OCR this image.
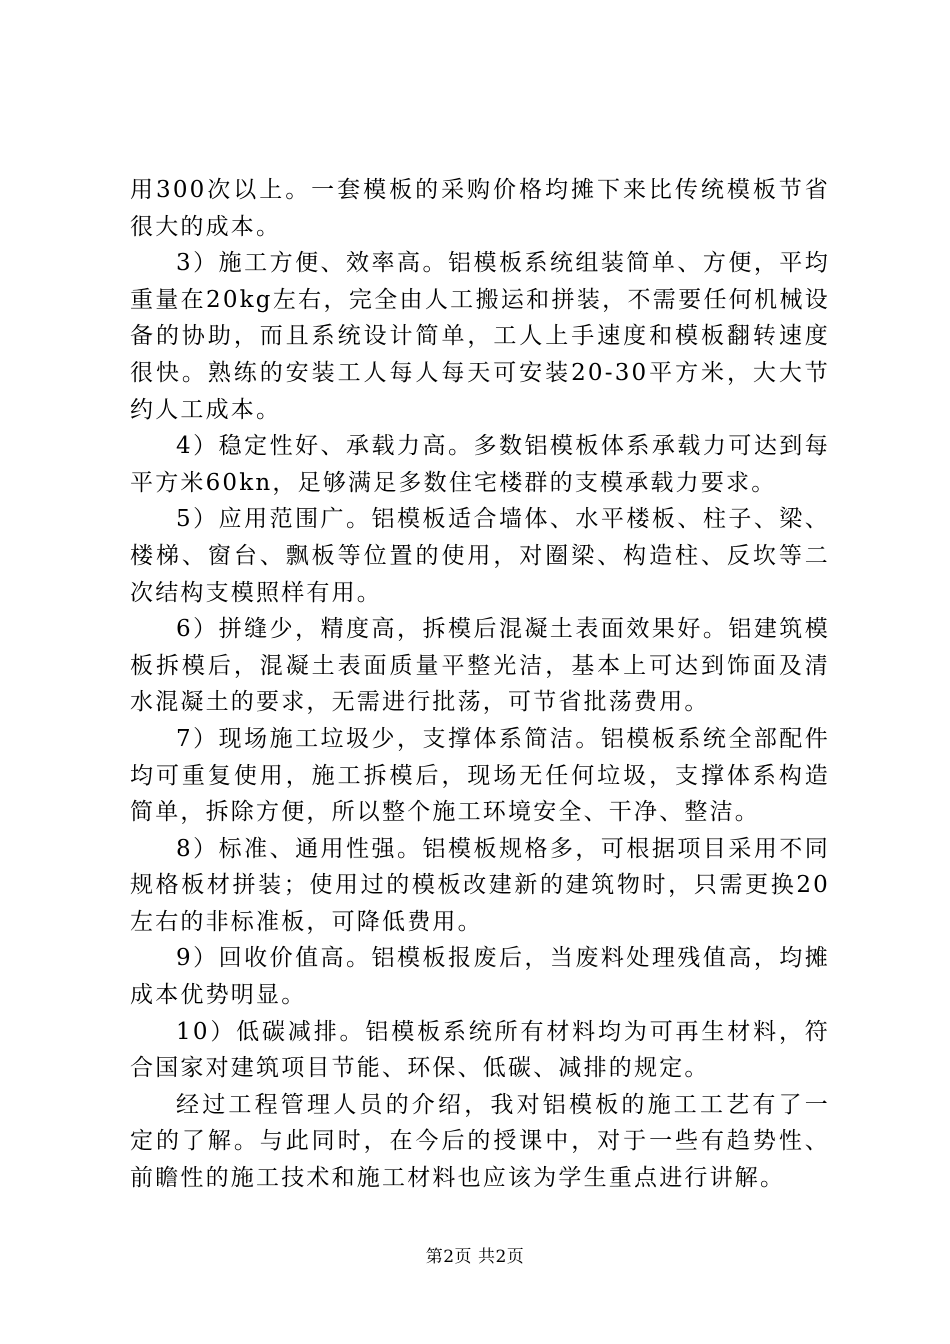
用300次以上。一套模板的采购价格均摊下来比传统模板节省很大的成本。

3）施工方便、效率高。铝模板系统组装简单、方便，平均重量在20kg左右，完全由人工搬运和拼装，不需要任何机械设备的协助，而且系统设计简单，工人上手速度和模板翻转速度很快。熟练的安装工人每人每天可安装20-30平方米，大大节约人工成本。

4）稳定性好、承载力高。多数铝模板体系承载力可达到每平方米60kn，足够满足多数住宅楼群的支模承载力要求。

5）应用范围广。铝模板适合墙体、水平楼板、柱子、梁、楼梯、窗台、飘板等位置的使用，对圈梁、构造柱、反坎等二次结构支模照样有用。

6）拼缝少，精度高，拆模后混凝土表面效果好。铝建筑模板拆模后，混凝土表面质量平整光洁，基本上可达到饰面及清水混凝土的要求，无需进行批荡，可节省批荡费用。

7）现场施工垃圾少，支撑体系简洁。铝模板系统全部配件均可重复使用，施工拆模后，现场无任何垃圾，支撑体系构造简单，拆除方便，所以整个施工环境安全、干净、整洁。

8）标准、通用性强。铝模板规格多，可根据项目采用不同规格板材拼装；使用过的模板改建新的建筑物时，只需更换20左右的非标准板，可降低费用。

9）回收价值高。铝模板报废后，当废料处理残值高，均摊成本优势明显。

10）低碳减排。铝模板系统所有材料均为可再生材料，符合国家对建筑项目节能、环保、低碳、减排的规定。

经过工程管理人员的介绍，我对铝模板的施工工艺有了一定的了解。与此同时，在今后的授课中，对于一些有趋势性、前瞻性的施工技术和施工材料也应该为学生重点进行讲解。

第2页 共2页
